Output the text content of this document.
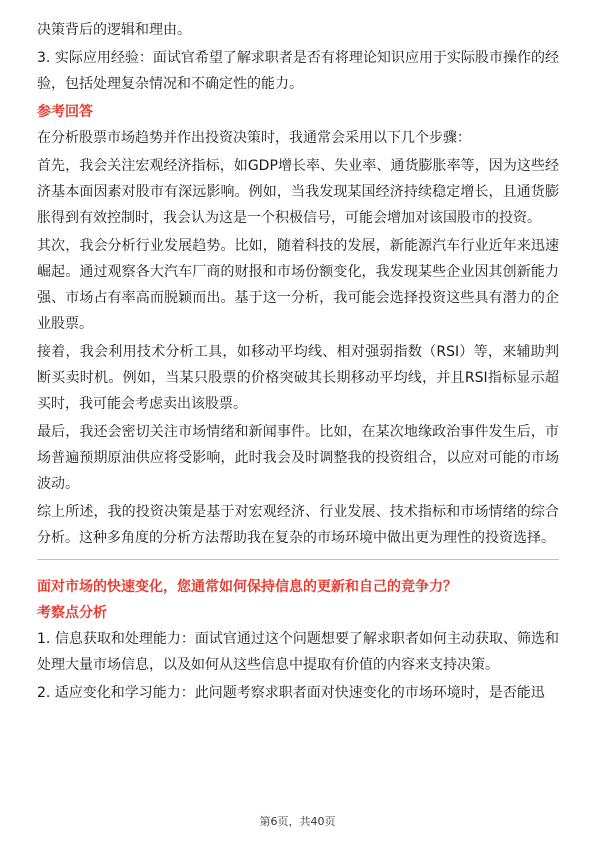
决策背后的逻辑和理由。

3. 实际应用经验：面试官希望了解求职者是否有将理论知识应用于实际股市操作的经验，包括处理复杂情况和不确定性的能力。

参考回答

在分析股票市场趋势并作出投资决策时，我通常会采用以下几个步骤：

首先，我会关注宏观经济指标，如GDP增长率、失业率、通货膨胀率等，因为这些经济基本面因素对股市有深远影响。例如，当我发现某国经济持续稳定增长，且通货膨胀得到有效控制时，我会认为这是一个积极信号，可能会增加对该国股市的投资。

其次，我会分析行业发展趋势。比如，随着科技的发展，新能源汽车行业近年来迅速崛起。通过观察各大汽车厂商的财报和市场份额变化，我发现某些企业因其创新能力强、市场占有率高而脱颖而出。基于这一分析，我可能会选择投资这些具有潜力的企业股票。

接着，我会利用技术分析工具，如移动平均线、相对强弱指数（RSI）等，来辅助判断买卖时机。例如，当某只股票的价格突破其长期移动平均线，并且RSI指标显示超买时，我可能会考虑卖出该股票。

最后，我还会密切关注市场情绪和新闻事件。比如，在某次地缘政治事件发生后，市场普遍预期原油供应将受影响，此时我会及时调整我的投资组合，以应对可能的市场波动。

综上所述，我的投资决策是基于对宏观经济、行业发展、技术指标和市场情绪的综合分析。这种多角度的分析方法帮助我在复杂的市场环境中做出更为理性的投资选择。

面对市场的快速变化，您通常如何保持信息的更新和自己的竞争力？

考察点分析

1. 信息获取和处理能力：面试官通过这个问题想要了解求职者如何主动获取、筛选和处理大量市场信息，以及如何从这些信息中提取有价值的内容来支持决策。

2. 适应变化和学习能力：此问题考察求职者面对快速变化的市场环境时，是否能迅

第6页，共40页
